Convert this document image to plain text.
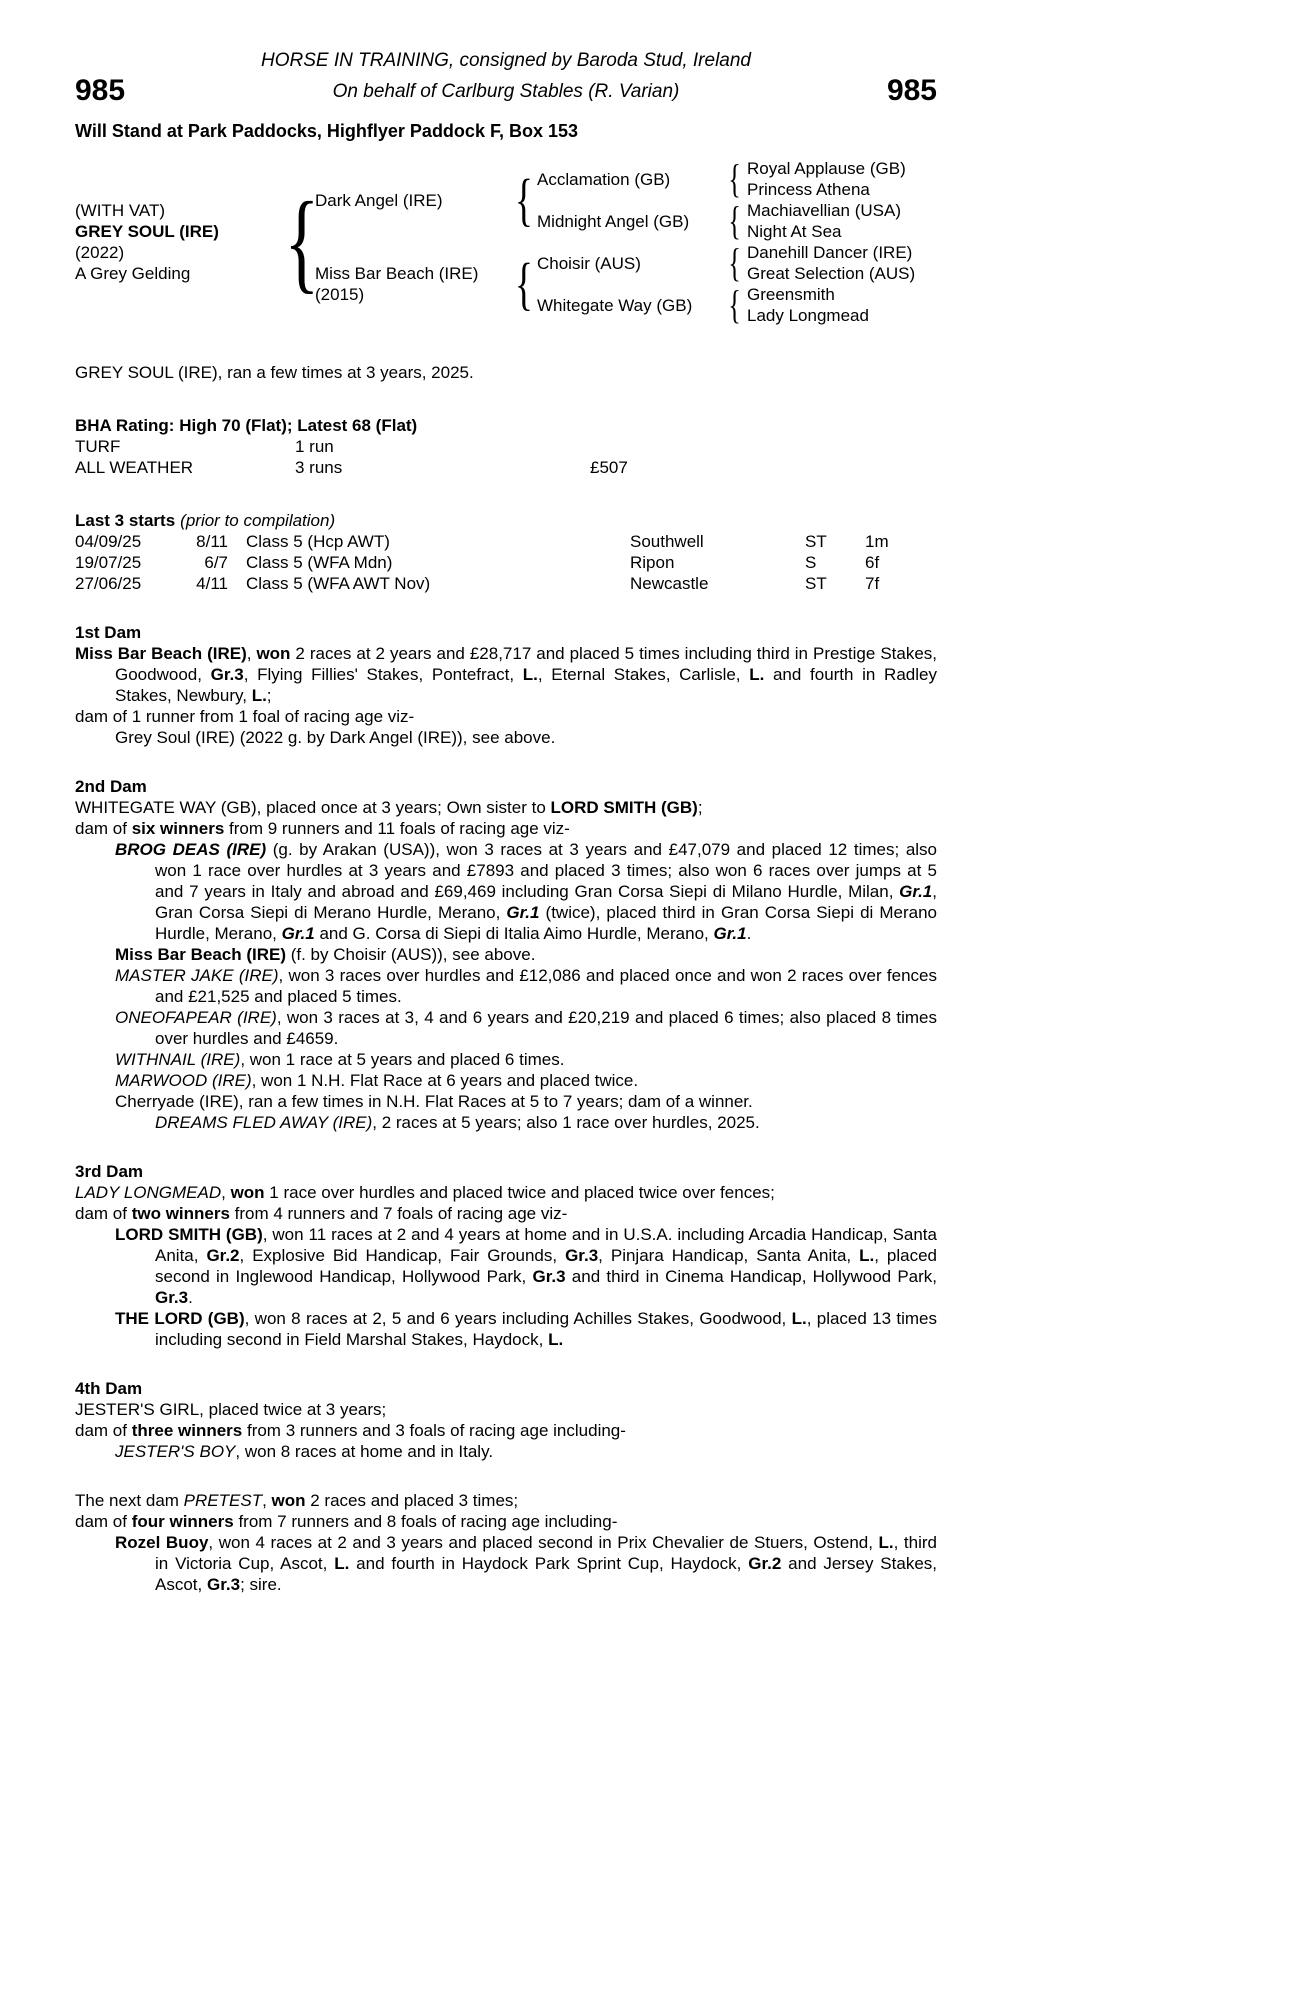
HORSE IN TRAINING, consigned by Baroda Stud, Ireland
985	On behalf of Carlburg Stables (R. Varian)	985
Will Stand at Park Paddocks, Highflyer Paddock F, Box 153
(WITH VAT)
GREY SOUL (IRE)
(2022)
A Grey Gelding {
Dark Angel (IRE)
Miss Bar Beach (IRE)
(2015)
{
{
Acclamation (GB)
Midnight Angel (GB)
Choisir (AUS)
Whitegate Way (GB)
{
{
{
{
Royal Applause (GB)
Princess Athena
Machiavellian (USA)
Night At Sea
Danehill Dancer (IRE)
Great Selection (AUS)
Greensmith
Lady Longmead
GREY SOUL (IRE), ran a few times at 3 years, 2025.
BHA Rating: High 70 (Flat); Latest 68 (Flat)
TURF	1 run
ALL WEATHER	3 runs	£507
Last 3 starts (prior to compilation)
04/09/25	8/11	Class 5 (Hcp AWT)	Southwell	ST	1m
19/07/25	6/7	Class 5 (WFA Mdn)	Ripon	S	6f
27/06/25	4/11	Class 5 (WFA AWT Nov)	Newcastle	ST	7f
1st Dam
Miss Bar Beach (IRE), won 2 races at 2 years and £28,717 and placed 5 times including third in Prestige Stakes, Goodwood, Gr.3, Flying Fillies' Stakes, Pontefract, L., Eternal Stakes, Carlisle, L. and fourth in Radley Stakes, Newbury, L.;
dam of 1 runner from 1 foal of racing age viz-
Grey Soul (IRE) (2022 g. by Dark Angel (IRE)), see above.
2nd Dam
WHITEGATE WAY (GB), placed once at 3 years; Own sister to LORD SMITH (GB);
dam of six winners from 9 runners and 11 foals of racing age viz-
BROG DEAS (IRE) (g. by Arakan (USA)), won 3 races at 3 years and £47,079 and placed 12 times; also won 1 race over hurdles at 3 years and £7893 and placed 3 times; also won 6 races over jumps at 5 and 7 years in Italy and abroad and £69,469 including Gran Corsa Siepi di Milano Hurdle, Milan, Gr.1, Gran Corsa Siepi di Merano Hurdle, Merano, Gr.1 (twice), placed third in Gran Corsa Siepi di Merano Hurdle, Merano, Gr.1 and G. Corsa di Siepi di Italia Aimo Hurdle, Merano, Gr.1.
Miss Bar Beach (IRE) (f. by Choisir (AUS)), see above.
MASTER JAKE (IRE), won 3 races over hurdles and £12,086 and placed once and won 2 races over fences and £21,525 and placed 5 times.
ONEOFAPEAR (IRE), won 3 races at 3, 4 and 6 years and £20,219 and placed 6 times; also placed 8 times over hurdles and £4659.
WITHNAIL (IRE), won 1 race at 5 years and placed 6 times.
MARWOOD (IRE), won 1 N.H. Flat Race at 6 years and placed twice.
Cherryade (IRE), ran a few times in N.H. Flat Races at 5 to 7 years; dam of a winner.
DREAMS FLED AWAY (IRE), 2 races at 5 years; also 1 race over hurdles, 2025.
3rd Dam
LADY LONGMEAD, won 1 race over hurdles and placed twice and placed twice over fences;
dam of two winners from 4 runners and 7 foals of racing age viz-
LORD SMITH (GB), won 11 races at 2 and 4 years at home and in U.S.A. including Arcadia Handicap, Santa Anita, Gr.2, Explosive Bid Handicap, Fair Grounds, Gr.3, Pinjara Handicap, Santa Anita, L., placed second in Inglewood Handicap, Hollywood Park, Gr.3 and third in Cinema Handicap, Hollywood Park, Gr.3.
THE LORD (GB), won 8 races at 2, 5 and 6 years including Achilles Stakes, Goodwood, L., placed 13 times including second in Field Marshal Stakes, Haydock, L.
4th Dam
JESTER'S GIRL, placed twice at 3 years;
dam of three winners from 3 runners and 3 foals of racing age including-
JESTER'S BOY, won 8 races at home and in Italy.
The next dam PRETEST, won 2 races and placed 3 times;
dam of four winners from 7 runners and 8 foals of racing age including-
Rozel Buoy, won 4 races at 2 and 3 years and placed second in Prix Chevalier de Stuers, Ostend, L., third in Victoria Cup, Ascot, L. and fourth in Haydock Park Sprint Cup, Haydock, Gr.2 and Jersey Stakes, Ascot, Gr.3; sire.
